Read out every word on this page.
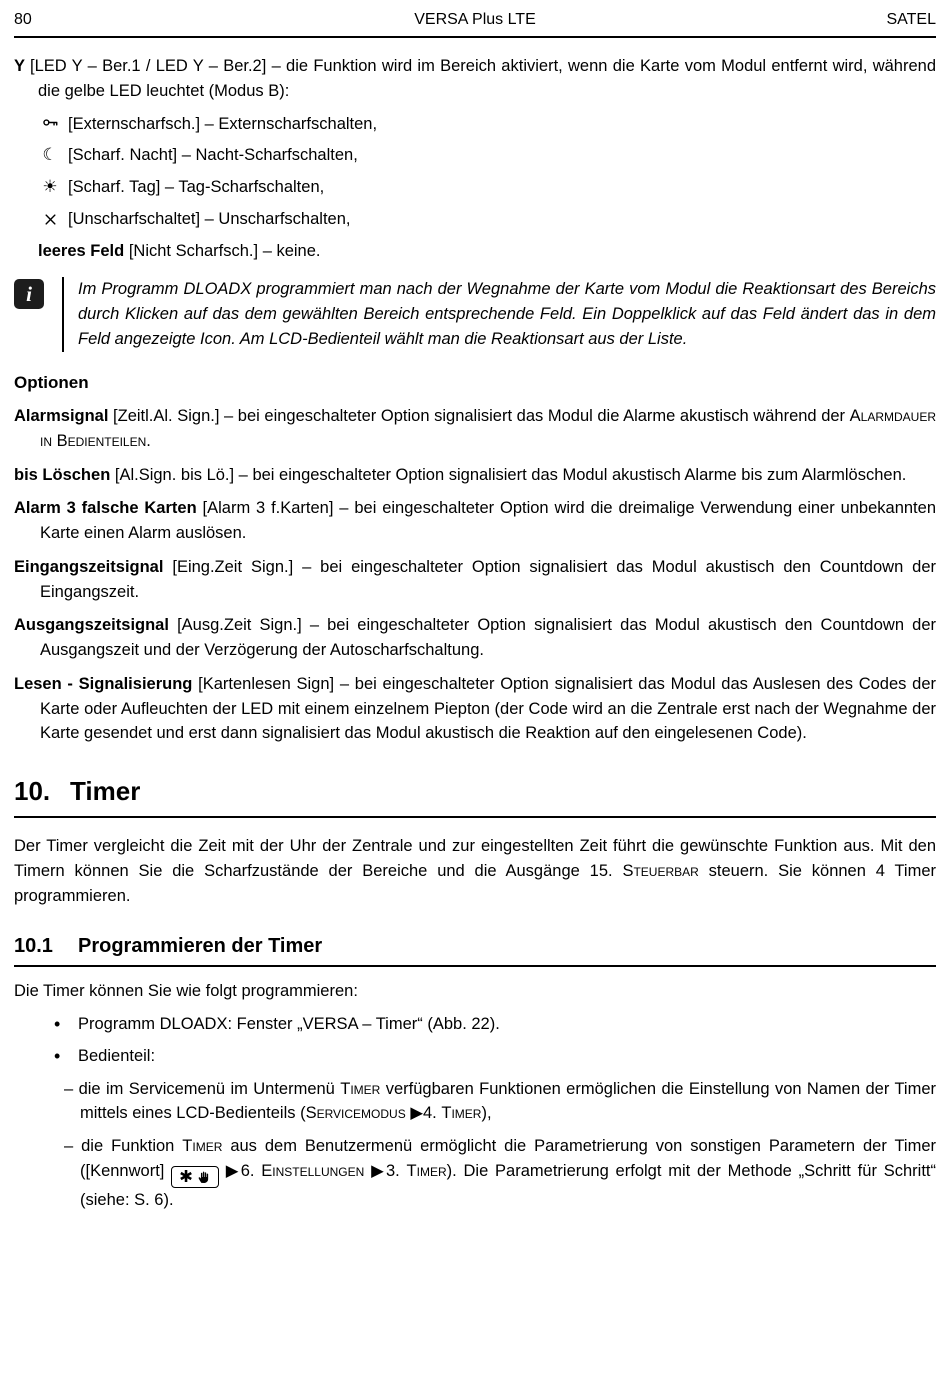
80	VERSA Plus LTE	SATEL

Y [LED Y – Ber.1 / LED Y – Ber.2] – die Funktion wird im Bereich aktiviert, wenn die Karte vom Modul entfernt wird, während die gelbe LED leuchtet (Modus B):

[Externscharfsch.] – Externscharfschalten,
☾ [Scharf. Nacht] – Nacht-Scharfschalten,
☀ [Scharf. Tag] – Tag-Scharfschalten,
[Unscharfschaltet] – Unscharfschalten,

leeres Feld [Nicht Scharfsch.] – keine.

i	Im Programm DLOADX programmiert man nach der Wegnahme der Karte vom Modul die Reaktionsart des Bereichs durch Klicken auf das dem gewählten Bereich entsprechende Feld. Ein Doppelklick auf das Feld ändert das in dem Feld angezeigte Icon. Am LCD-Bedienteil wählt man die Reaktionsart aus der Liste.

Optionen

Alarmsignal [Zeitl.Al. Sign.] – bei eingeschalteter Option signalisiert das Modul die Alarme akustisch während der Alarmdauer in Bedienteilen.

bis Löschen [Al.Sign. bis Lö.] – bei eingeschalteter Option signalisiert das Modul akustisch Alarme bis zum Alarmlöschen.

Alarm 3 falsche Karten [Alarm 3 f.Karten] – bei eingeschalteter Option wird die dreimalige Verwendung einer unbekannten Karte einen Alarm auslösen.

Eingangszeitsignal [Eing.Zeit Sign.] – bei eingeschalteter Option signalisiert das Modul akustisch den Countdown der Eingangszeit.

Ausgangszeitsignal [Ausg.Zeit Sign.] – bei eingeschalteter Option signalisiert das Modul akustisch den Countdown der Ausgangszeit und der Verzögerung der Autoscharfschaltung.

Lesen - Signalisierung [Kartenlesen Sign] – bei eingeschalteter Option signalisiert das Modul das Auslesen des Codes der Karte oder Aufleuchten der LED mit einem einzelnem Piepton (der Code wird an die Zentrale erst nach der Wegnahme der Karte gesendet und erst dann signalisiert das Modul akustisch die Reaktion auf den eingelesenen Code).

10. Timer

Der Timer vergleicht die Zeit mit der Uhr der Zentrale und zur eingestellten Zeit führt die gewünschte Funktion aus. Mit den Timern können Sie die Scharfzustände der Bereiche und die Ausgänge 15. Steuerbar steuern. Sie können 4 Timer programmieren.

10.1	Programmieren der Timer

Die Timer können Sie wie folgt programmieren:

• Programm DLOADX: Fenster „VERSA – Timer“ (Abb. 22).
• Bedienteil:

– die im Servicemenü im Untermenü Timer verfügbaren Funktionen ermöglichen die Einstellung von Namen der Timer mittels eines LCD-Bedienteils (Servicemodus ▶4. Timer),

– die Funktion Timer aus dem Benutzermenü ermöglicht die Parametrierung von sonstigen Parametern der Timer ([Kennwort] ✱ ▶6. Einstellungen ▶3. Timer). Die Parametrierung erfolgt mit der Methode „Schritt für Schritt“ (siehe: S. 6).
